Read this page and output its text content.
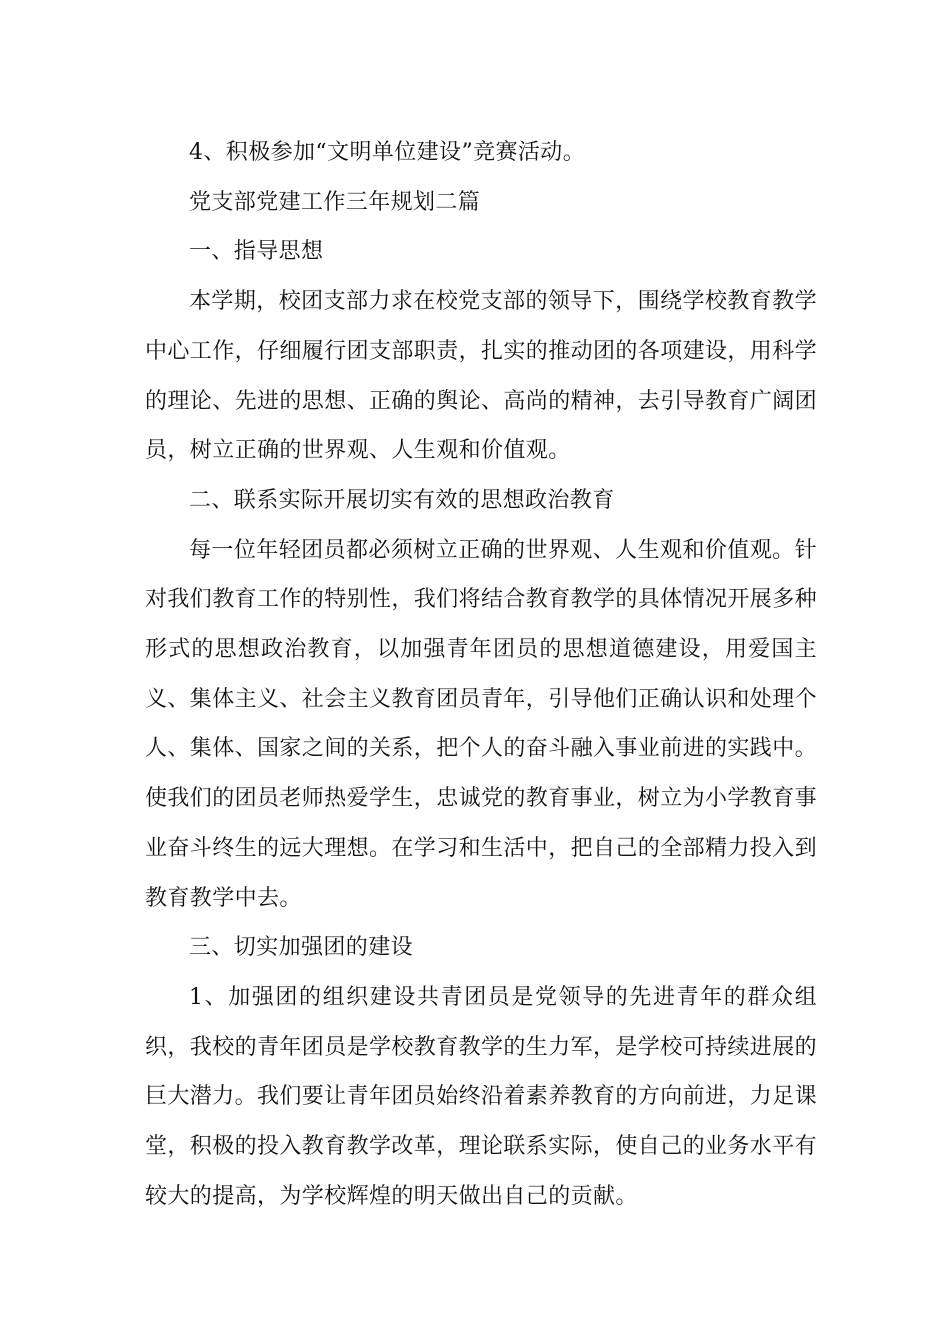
4、积极参加“文明单位建设”竞赛活动。

党支部党建工作三年规划二篇

一、指导思想

本学期，校团支部力求在校党支部的领导下，围绕学校教育教学中心工作，仔细履行团支部职责，扎实的推动团的各项建设，用科学的理论、先进的思想、正确的舆论、高尚的精神，去引导教育广阔团员，树立正确的世界观、人生观和价值观。

二、联系实际开展切实有效的思想政治教育

每一位年轻团员都必须树立正确的世界观、人生观和价值观。针对我们教育工作的特别性，我们将结合教育教学的具体情况开展多种形式的思想政治教育，以加强青年团员的思想道德建设，用爱国主义、集体主义、社会主义教育团员青年，引导他们正确认识和处理个人、集体、国家之间的关系，把个人的奋斗融入事业前进的实践中。使我们的团员老师热爱学生，忠诚党的教育事业，树立为小学教育事业奋斗终生的远大理想。在学习和生活中，把自己的全部精力投入到教育教学中去。

三、切实加强团的建设

1、加强团的组织建设共青团员是党领导的先进青年的群众组织，我校的青年团员是学校教育教学的生力军，是学校可持续进展的巨大潜力。我们要让青年团员始终沿着素养教育的方向前进，力足课堂，积极的投入教育教学改革，理论联系实际，使自己的业务水平有较大的提高，为学校辉煌的明天做出自己的贡献。
